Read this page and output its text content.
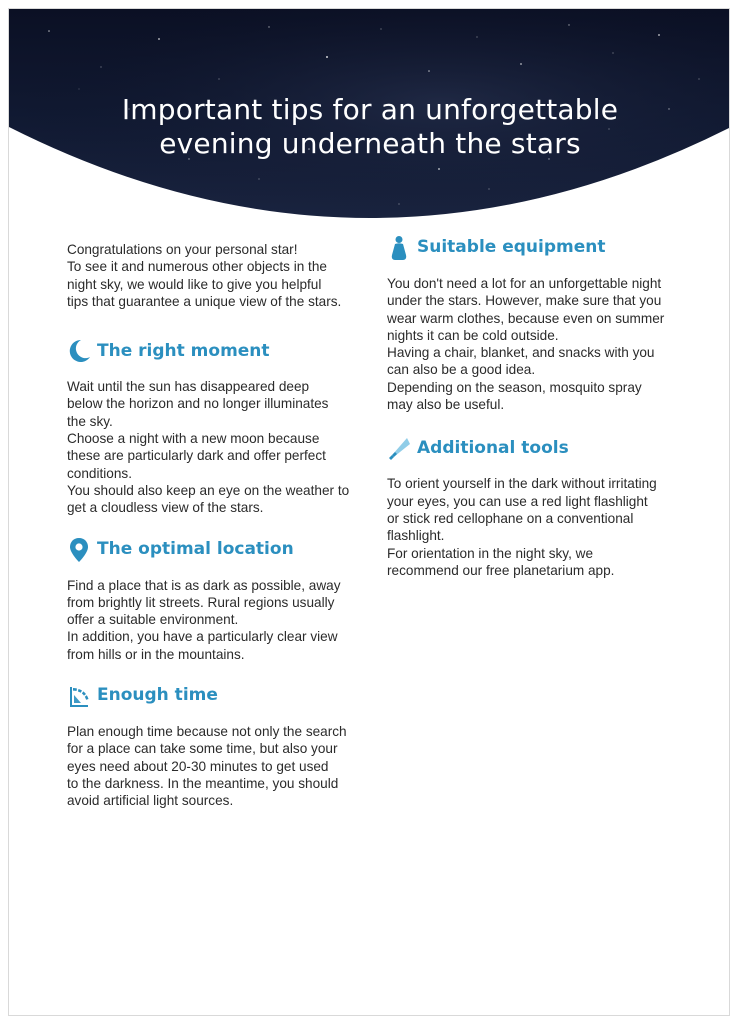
Important tips for an unforgettable
evening underneath the stars
Congratulations on your personal star!
To see it and numerous other objects in the
night sky, we would like to give you helpful
tips that guarantee a unique view of the stars.
The right moment
Wait until the sun has disappeared deep
below the horizon and no longer illuminates
the sky.
Choose a night with a new moon because
these are particularly dark and offer perfect
conditions.
You should also keep an eye on the weather to
get a cloudless view of the stars.
The optimal location
Find a place that is as dark as possible, away
from brightly lit streets. Rural regions usually
offer a suitable environment.
In addition, you have a particularly clear view
from hills or in the mountains.
Enough time
Plan enough time because not only the search
for a place can take some time, but also your
eyes need about 20-30 minutes to get used
to the darkness. In the meantime, you should
avoid artificial light sources.
Suitable equipment
You don't need a lot for an unforgettable night
under the stars. However, make sure that you
wear warm clothes, because even on summer
nights it can be cold outside.
Having a chair, blanket, and snacks with you
can also be a good idea.
Depending on the season, mosquito spray
may also be useful.
Additional tools
To orient yourself in the dark without irritating
your eyes, you can use a red light flashlight
or stick red cellophane on a conventional
flashlight.
For orientation in the night sky, we
recommend our free planetarium app.
